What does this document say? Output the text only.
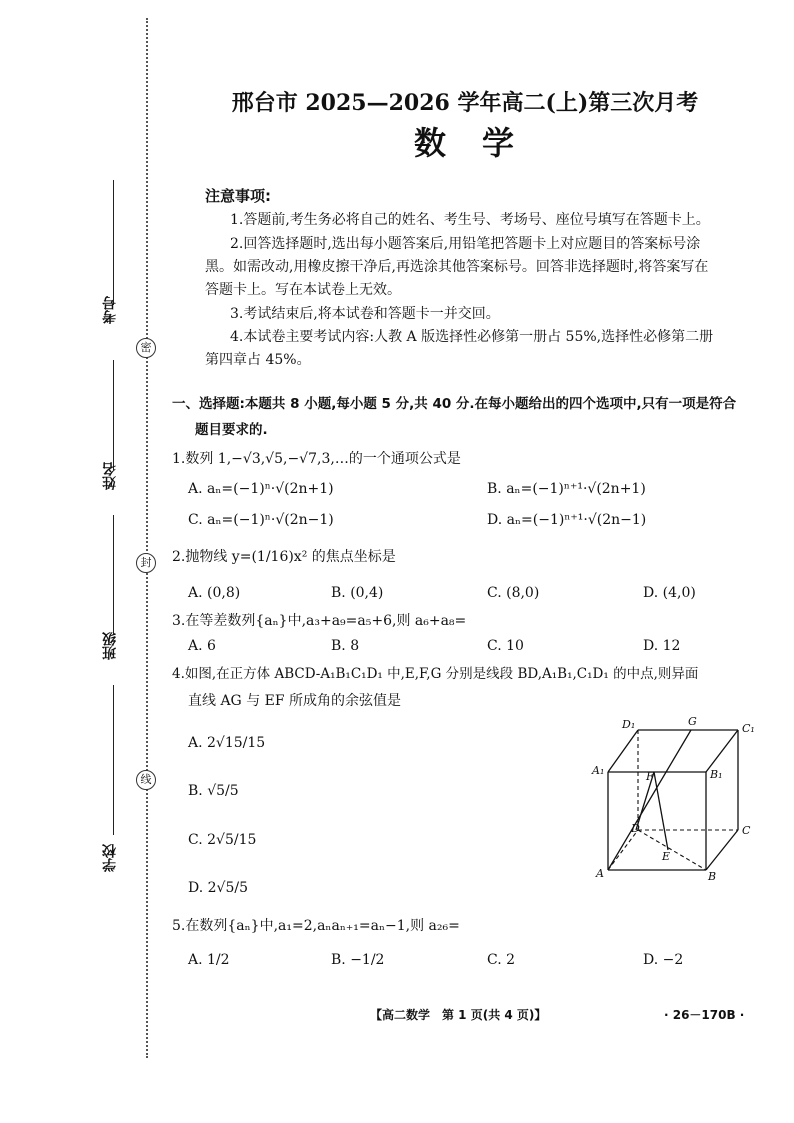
考号
姓名
班级
学校
密
封
线
邢台市 2025—2026 学年高二(上)第三次月考
数　学
注意事项:
1.答题前,考生务必将自己的姓名、考生号、考场号、座位号填写在答题卡上。
2.回答选择题时,选出每小题答案后,用铅笔把答题卡上对应题目的答案标号涂
黑。如需改动,用橡皮擦干净后,再选涂其他答案标号。回答非选择题时,将答案写在
答题卡上。写在本试卷上无效。
3.考试结束后,将本试卷和答题卡一并交回。
4.本试卷主要考试内容:人教 A 版选择性必修第一册占 55%,选择性必修第二册
第四章占 45%。
一、选择题:本题共 8 小题,每小题 5 分,共 40 分.在每小题给出的四个选项中,只有一项是符合
题目要求的.
1.数列 1,−√3,√5,−√7,3,…的一个通项公式是
A. aₙ=(−1)ⁿ·√(2n+1)	B. aₙ=(−1)ⁿ⁺¹·√(2n+1)
C. aₙ=(−1)ⁿ·√(2n−1)	D. aₙ=(−1)ⁿ⁺¹·√(2n−1)
2.抛物线 y=(1/16)x² 的焦点坐标是
A. (0,8)	B. (0,4)	C. (8,0)	D. (4,0)
3.在等差数列{aₙ}中,a₃+a₉=a₅+6,则 a₆+a₈=
A. 6	B. 8	C. 10	D. 12
4.如图,在正方体 ABCD-A₁B₁C₁D₁ 中,E,F,G 分别是线段 BD,A₁B₁,C₁D₁ 的中点,则异面
直线 AG 与 EF 所成角的余弦值是
A. 2√15/15
B. √5/5
C. 2√5/15
D. 2√5/5
D₁	G
C₁
A₁	F	B₁
D	C
E
A	B
5.在数列{aₙ}中,a₁=2,aₙaₙ₊₁=aₙ−1,则 a₂₆=
A. 1/2	B. −1/2	C. 2	D. −2
【高二数学　第 1 页(共 4 页)】	· 26－170B ·
